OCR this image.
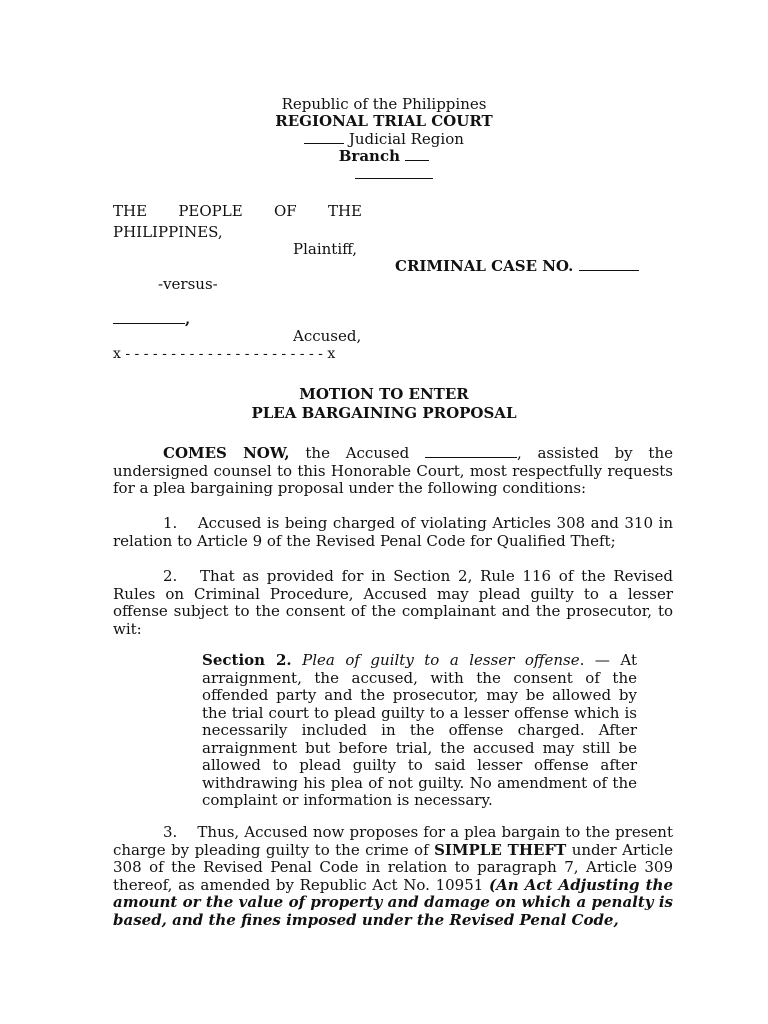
Republic of the Philippines
REGIONAL TRIAL COURT
Judicial Region
Branch
THE PEOPLE OF THE
PHILIPPINES,
Plaintiff,
CRIMINAL CASE NO.
-versus-
,
Accused,
x - - - - - - - - - - - - - - - - - - - - - - x
MOTION TO ENTER
PLEA BARGAINING PROPOSAL
COMES NOW, the Accused	, assisted by the undersigned counsel to this Honorable Court, most respectfully requests for a plea bargaining proposal under the following conditions:
1.  Accused is being charged of violating Articles 308 and 310 in relation to Article 9 of the Revised Penal Code for Qualified Theft;
2.  That as provided for in Section 2, Rule 116 of the Revised Rules on Criminal Procedure, Accused may plead guilty to a lesser offense subject to the consent of the complainant and the prosecutor, to wit:
Section 2. Plea of guilty to a lesser offense. — At arraignment, the accused, with the consent of the offended party and the prosecutor, may be allowed by the trial court to plead guilty to a lesser offense which is necessarily included in the offense charged. After arraignment but before trial, the accused may still be allowed to plead guilty to said lesser offense after withdrawing his plea of not guilty. No amendment of the complaint or information is necessary.
3.  Thus, Accused now proposes for a plea bargain to the present charge by pleading guilty to the crime of SIMPLE THEFT under Article 308 of the Revised Penal Code in relation to paragraph 7, Article 309 thereof, as amended by Republic Act No. 10951 (An Act Adjusting the amount or the value of property and damage on which a penalty is based, and the fines imposed under the Revised Penal Code,
